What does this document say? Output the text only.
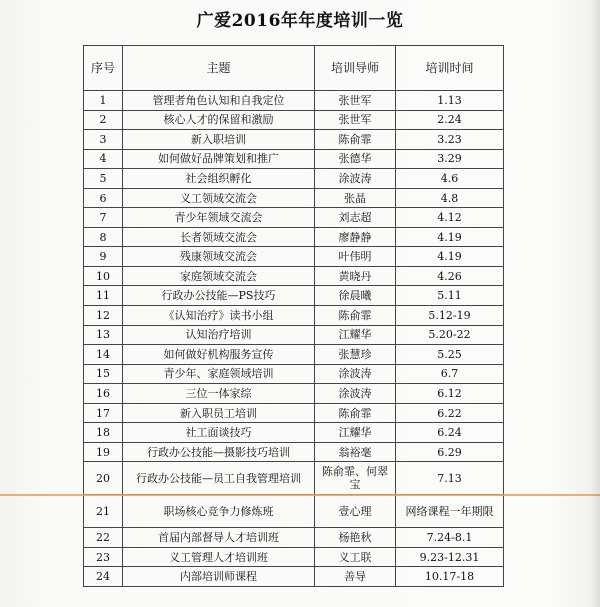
广爱2016年年度培训一览
序号	主题	培训导师	培训时间
1	管理者角色认知和自我定位	张世军	1.13
2	核心人才的保留和激励	张世军	2.24
3	新入职培训	陈俞霏	3.23
4	如何做好品牌策划和推广	张德华	3.29
5	社会组织孵化	涂波涛	4.6
6	义工领域交流会	张晶	4.8
7	青少年领域交流会	刘志超	4.12
8	长者领域交流会	廖静静	4.19
9	残康领域交流会	叶伟明	4.19
10	家庭领域交流会	黄晓丹	4.26
11	行政办公技能—PS技巧	徐晨曦	5.11
12	《认知治疗》读书小组	陈俞霏	5.12-19
13	认知治疗培训	江耀华	5.20-22
14	如何做好机构服务宣传	张慧珍	5.25
15	青少年、家庭领域培训	涂波涛	6.7
16	三位一体家综	涂波涛	6.12
17	新入职员工培训	陈俞霏	6.22
18	社工面谈技巧	江耀华	6.24
19	行政办公技能—摄影技巧培训	翁裕毫	6.29
20	行政办公技能—员工自我管理培训	陈俞霏、何翠宝	7.13
21	职场核心竞争力修炼班	壹心理	网络课程一年期限
22	首届内部督导人才培训班	杨艳秋	7.24-8.1
23	义工管理人才培训班	义工联	9.23-12.31
24	内部培训师课程	善导	10.17-18
